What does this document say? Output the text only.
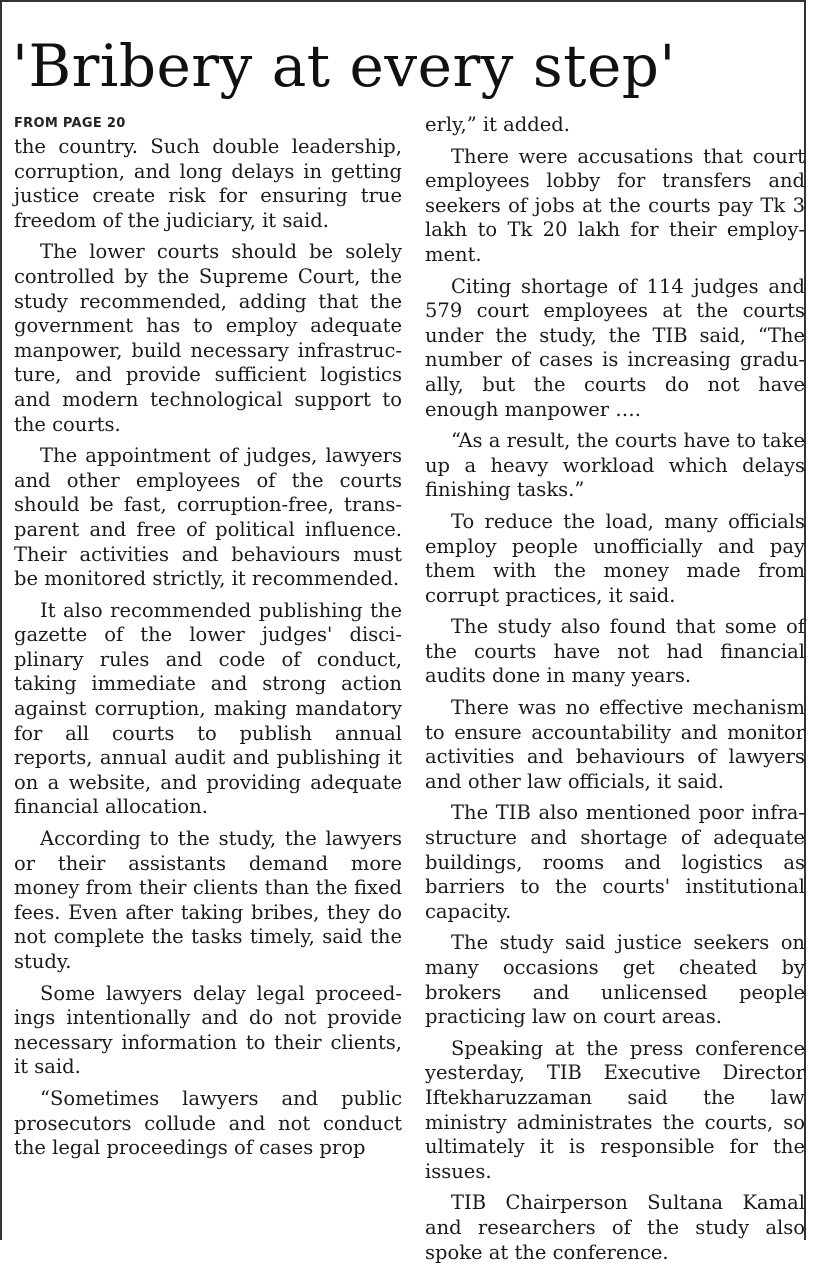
'Bribery at every step'
FROM PAGE 20

the country. Such double leadership, corruption, and long delays in getting justice create risk for ensuring true freedom of the judiciary, it said.

The lower courts should be solely controlled by the Supreme Court, the study recommended, adding that the government has to employ adequate manpower, build necessary infrastructure, and provide sufficient logistics and modern technological support to the courts.

The appointment of judges, lawyers and other employees of the courts should be fast, corruption-free, transparent and free of political influence. Their activities and behaviours must be monitored strictly, it recommended.

It also recommended publishing the gazette of the lower judges' disciplinary rules and code of conduct, taking immediate and strong action against corruption, making mandatory for all courts to publish annual reports, annual audit and publishing it on a website, and providing adequate financial allocation.

According to the study, the lawyers or their assistants demand more money from their clients than the fixed fees. Even after taking bribes, they do not complete the tasks timely, said the study.

Some lawyers delay legal proceedings intentionally and do not provide necessary information to their clients, it said.

“Sometimes lawyers and public prosecutors collude and not conduct the legal proceedings of cases prop

erly,” it added.

There were accusations that court employees lobby for transfers and seekers of jobs at the courts pay Tk 3 lakh to Tk 20 lakh for their employment.

Citing shortage of 114 judges and 579 court employees at the courts under the study, the TIB said, “The number of cases is increasing gradually, but the courts do not have enough manpower ….

“As a result, the courts have to take up a heavy workload which delays finishing tasks.”

To reduce the load, many officials employ people unofficially and pay them with the money made from corrupt practices, it said.

The study also found that some of the courts have not had financial audits done in many years.

There was no effective mechanism to ensure accountability and monitor activities and behaviours of lawyers and other law officials, it said.

The TIB also mentioned poor infrastructure and shortage of adequate buildings, rooms and logistics as barriers to the courts' institutional capacity.

The study said justice seekers on many occasions get cheated by brokers and unlicensed people practicing law on court areas.

Speaking at the press conference yesterday, TIB Executive Director Iftekharuzzaman said the law ministry administrates the courts, so ultimately it is responsible for the issues.

TIB Chairperson Sultana Kamal and researchers of the study also spoke at the conference.
